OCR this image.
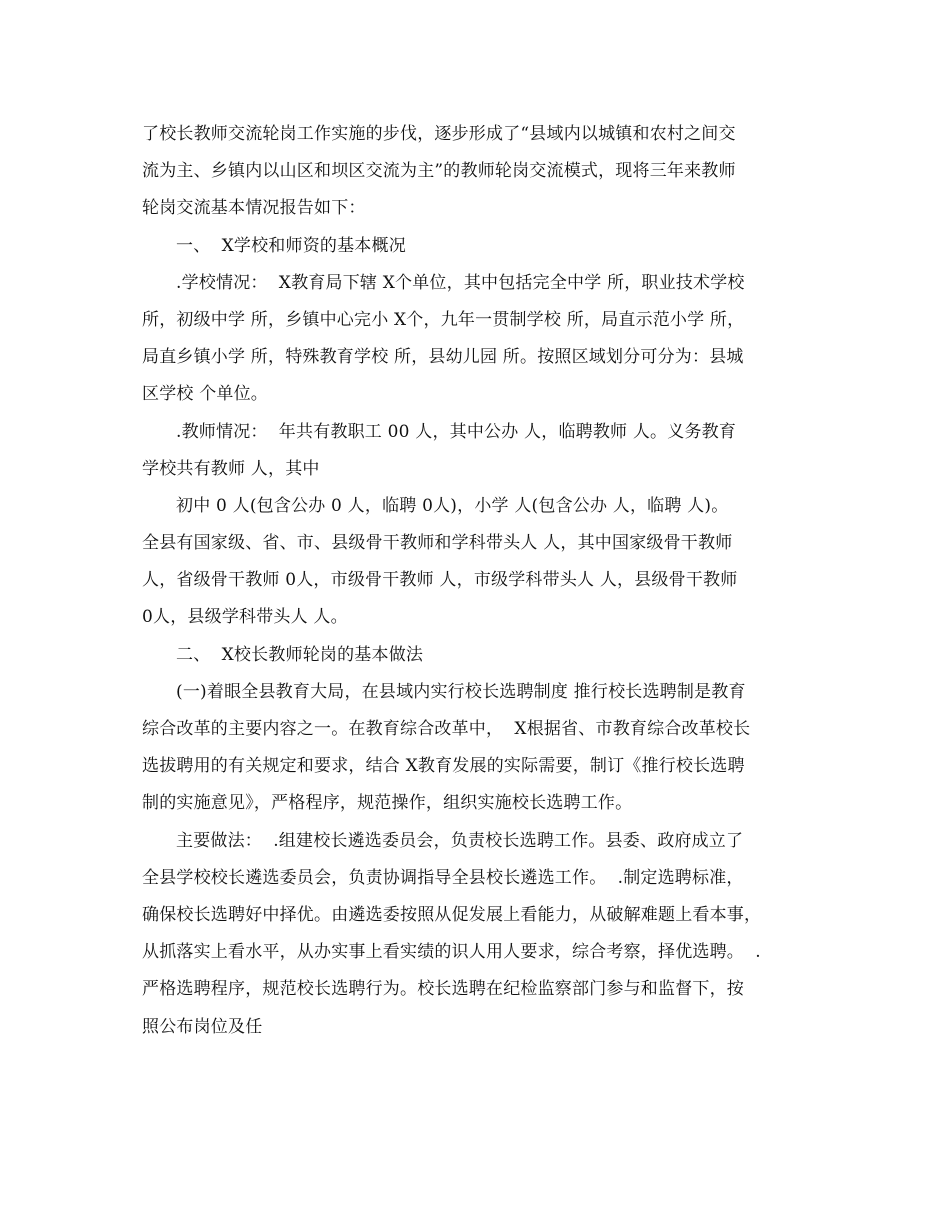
了校长教师交流轮岗工作实施的步伐，逐步形成了“县域内以城镇和农村之间交
流为主、乡镇内以山区和坝区交流为主”的教师轮岗交流模式，现将三年来教师
轮岗交流基本情况报告如下：
一、  X学校和师资的基本概况
.学校情况：  X教育局下辖 X个单位，其中包括完全中学 所，职业技术学校
所，初级中学 所，乡镇中心完小 X个，九年一贯制学校 所，局直示范小学 所，
局直乡镇小学 所，特殊教育学校 所，县幼儿园 所。按照区域划分可分为：县城
区学校 个单位。
.教师情况：  年共有教职工 00 人，其中公办 人，临聘教师 人。义务教育
学校共有教师 人，其中
初中 0 人(包含公办 0 人，临聘 0人)，小学 人(包含公办 人，临聘 人)。
全县有国家级、省、市、县级骨干教师和学科带头人 人，其中国家级骨干教师
人，省级骨干教师 0人，市级骨干教师 人，市级学科带头人 人，县级骨干教师
0人，县级学科带头人 人。
二、  X校长教师轮岗的基本做法
(一)着眼全县教育大局，在县域内实行校长选聘制度 推行校长选聘制是教育
综合改革的主要内容之一。在教育综合改革中，  X根据省、市教育综合改革校长
选拔聘用的有关规定和要求，结合 X教育发展的实际需要，制订《推行校长选聘
制的实施意见》，严格程序，规范操作，组织实施校长选聘工作。
主要做法：  .组建校长遴选委员会，负责校长选聘工作。县委、政府成立了
全县学校校长遴选委员会，负责协调指导全县校长遴选工作。  .制定选聘标准，
确保校长选聘好中择优。由遴选委按照从促发展上看能力，从破解难题上看本事，
从抓落实上看水平，从办实事上看实绩的识人用人要求，综合考察，择优选聘。  .
严格选聘程序，规范校长选聘行为。校长选聘在纪检监察部门参与和监督下，按
照公布岗位及任
